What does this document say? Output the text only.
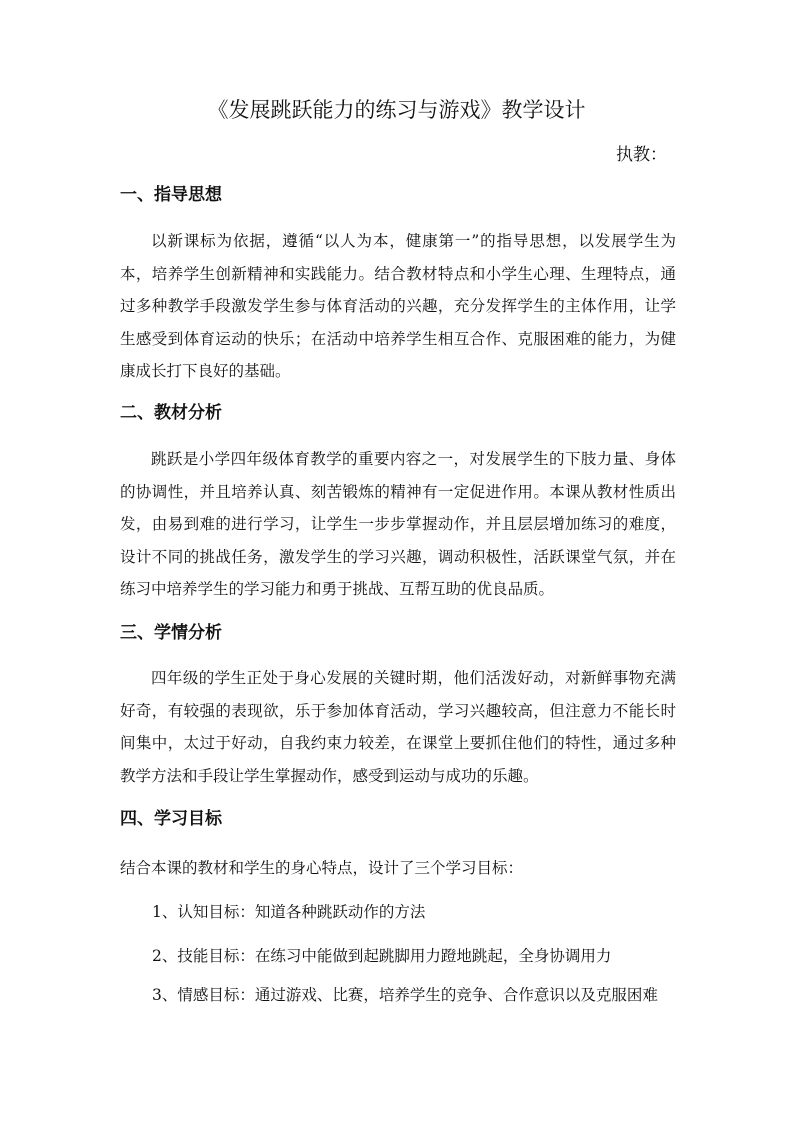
《发展跳跃能力的练习与游戏》教学设计
执教：
一、指导思想
以新课标为依据，遵循“以人为本，健康第一”的指导思想，以发展学生为本，培养学生创新精神和实践能力。结合教材特点和小学生心理、生理特点，通过多种教学手段激发学生参与体育活动的兴趣，充分发挥学生的主体作用，让学生感受到体育运动的快乐；在活动中培养学生相互合作、克服困难的能力，为健康成长打下良好的基础。
二、教材分析
跳跃是小学四年级体育教学的重要内容之一，对发展学生的下肢力量、身体的协调性，并且培养认真、刻苦锻炼的精神有一定促进作用。本课从教材性质出发，由易到难的进行学习，让学生一步步掌握动作，并且层层增加练习的难度，设计不同的挑战任务，激发学生的学习兴趣，调动积极性，活跃课堂气氛，并在练习中培养学生的学习能力和勇于挑战、互帮互助的优良品质。
三、学情分析
四年级的学生正处于身心发展的关键时期，他们活泼好动，对新鲜事物充满好奇，有较强的表现欲，乐于参加体育活动，学习兴趣较高，但注意力不能长时间集中，太过于好动，自我约束力较差，在课堂上要抓住他们的特性，通过多种教学方法和手段让学生掌握动作，感受到运动与成功的乐趣。
四、学习目标
结合本课的教材和学生的身心特点，设计了三个学习目标：
1、认知目标：知道各种跳跃动作的方法
2、技能目标：在练习中能做到起跳脚用力蹬地跳起，全身协调用力
3、情感目标：通过游戏、比赛，培养学生的竞争、合作意识以及克服困难
